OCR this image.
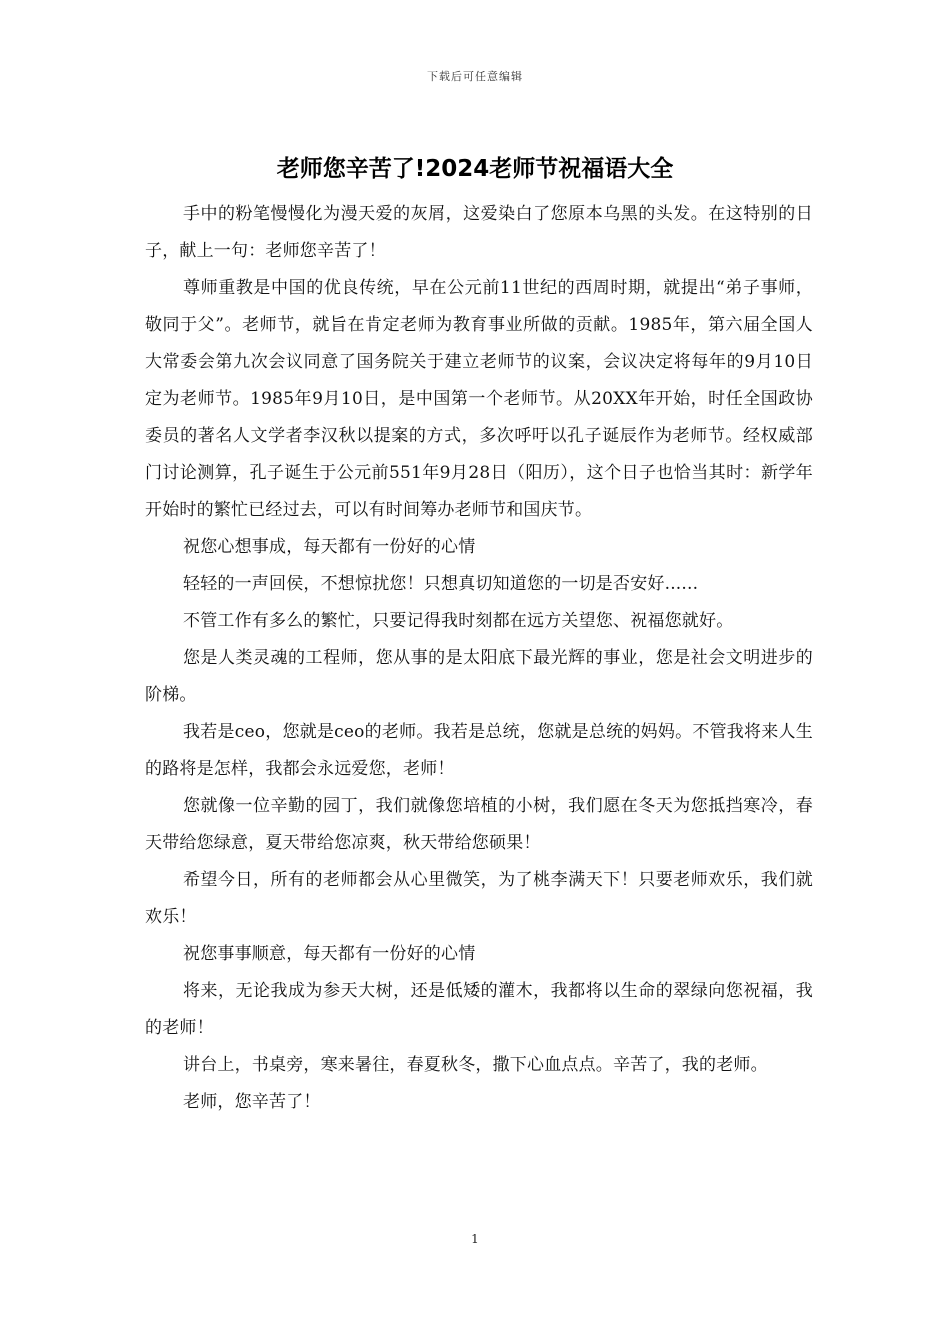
下载后可任意编辑
老师您辛苦了!2024老师节祝福语大全

手中的粉笔慢慢化为漫天爱的灰屑，这爱染白了您原本乌黑的头发。在这特别的日子，献上一句：老师您辛苦了！

尊师重教是中国的优良传统，早在公元前11世纪的西周时期，就提出“弟子事师，敬同于父”。老师节，就旨在肯定老师为教育事业所做的贡献。1985年，第六届全国人大常委会第九次会议同意了国务院关于建立老师节的议案，会议决定将每年的9月10日定为老师节。1985年9月10日，是中国第一个老师节。从20XX年开始，时任全国政协委员的著名人文学者李汉秋以提案的方式，多次呼吁以孔子诞辰作为老师节。经权威部门讨论测算，孔子诞生于公元前551年9月28日（阳历），这个日子也恰当其时：新学年开始时的繁忙已经过去，可以有时间筹办老师节和国庆节。

祝您心想事成，每天都有一份好的心情

轻轻的一声回侯，不想惊扰您！只想真切知道您的一切是否安好......

不管工作有多么的繁忙，只要记得我时刻都在远方关望您、祝福您就好。

您是人类灵魂的工程师，您从事的是太阳底下最光辉的事业，您是社会文明进步的阶梯。

我若是ceo，您就是ceo的老师。我若是总统，您就是总统的妈妈。不管我将来人生的路将是怎样，我都会永远爱您，老师！

您就像一位辛勤的园丁，我们就像您培植的小树，我们愿在冬天为您抵挡寒冷，春天带给您绿意，夏天带给您凉爽，秋天带给您硕果！

希望今日，所有的老师都会从心里微笑，为了桃李满天下！只要老师欢乐，我们就欢乐！

祝您事事顺意，每天都有一份好的心情

将来，无论我成为参天大树，还是低矮的灌木，我都将以生命的翠绿向您祝福，我的老师！

讲台上，书桌旁，寒来暑往，春夏秋冬，撒下心血点点。辛苦了，我的老师。

老师，您辛苦了！

1
